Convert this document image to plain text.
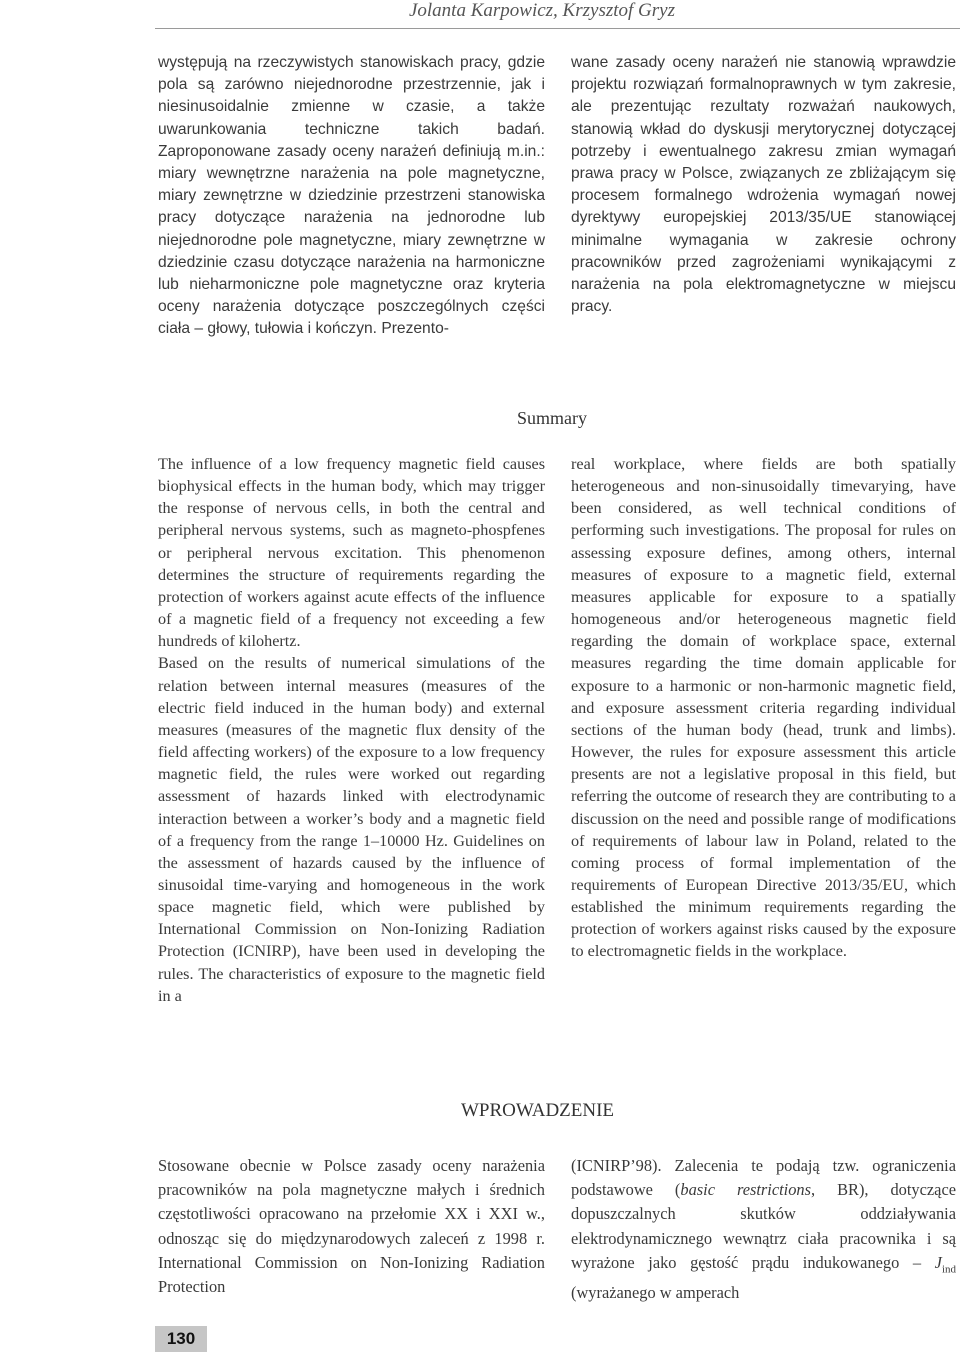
Jolanta Karpowicz, Krzysztof Gryz

występują na rzeczywistych stanowiskach pracy, gdzie pola są zarówno niejednorodne przestrzennie, jak i niesinusoidalnie zmienne w czasie, a także uwarunkowania techniczne takich badań. Zaproponowane zasady oceny narażeń definiują m.in.: miary wewnętrzne narażenia na pole magnetyczne, miary zewnętrzne w dziedzinie przestrzeni stanowiska pracy dotyczące narażenia na jednorodne lub niejednorodne pole magnetyczne, miary zewnętrzne w dziedzinie czasu dotyczące narażenia na harmoniczne lub nieharmoniczne pole magnetyczne oraz kryteria oceny narażenia dotyczące poszczególnych części ciała – głowy, tułowia i kończyn. Prezento-

wane zasady oceny narażeń nie stanowią wprawdzie projektu rozwiązań formalnoprawnych w tym zakresie, ale prezentując rezultaty rozważań naukowych, stanowią wkład do dyskusji merytorycznej dotyczącej potrzeby i ewentualnego zakresu zmian wymagań prawa pracy w Polsce, związanych ze zbliżającym się procesem formalnego wdrożenia wymagań nowej dyrektywy europejskiej 2013/35/UE stanowiącej minimalne wymagania w zakresie ochrony pracowników przed zagrożeniami wynikającymi z narażenia na pola elektromagnetyczne w miejscu pracy.

Summary

The influence of a low frequency magnetic field causes biophysical effects in the human body, which may trigger the response of nervous cells, in both the central and peripheral nervous systems, such as magneto-phospfenes or peripheral nervous excitation. This phenomenon determines the structure of requirements regarding the protection of workers against acute effects of the influence of a magnetic field of a frequency not exceeding a few hundreds of kilohertz.

Based on the results of numerical simulations of the relation between internal measures (measures of the electric field induced in the human body) and external measures (measures of the magnetic flux density of the field affecting workers) of the exposure to a low frequency magnetic field, the rules were worked out regarding assessment of hazards linked with electrodynamic interaction between a worker’s body and a magnetic field of a frequency from the range 1–10000 Hz. Guidelines on the assessment of hazards caused by the influence of sinusoidal time-varying and homogeneous in the work space magnetic field, which were published by International Commission on Non-Ionizing Radiation Protection (ICNIRP), have been used in developing the rules. The characteristics of exposure to the magnetic field in a

real workplace, where fields are both spatially heterogeneous and non-sinusoidally timevarying, have been considered, as well technical conditions of performing such investigations. The proposal for rules on assessing exposure defines, among others, internal measures of exposure to a magnetic field, external measures applicable for exposure to a spatially homogeneous and/or heterogeneous magnetic field regarding the domain of workplace space, external measures regarding the time domain applicable for exposure to a harmonic or non-harmonic magnetic field, and exposure assessment criteria regarding individual sections of the human body (head, trunk and limbs). However, the rules for exposure assessment this article presents are not a legislative proposal in this field, but referring the outcome of research they are contributing to a discussion on the need and possible range of modifications of requirements of labour law in Poland, related to the coming process of formal implementation of the requirements of European Directive 2013/35/EU, which established the minimum requirements regarding the protection of workers against risks caused by the exposure to electromagnetic fields in the workplace.

WPROWADZENIE

Stosowane obecnie w Polsce zasady oceny narażenia pracowników na pola magnetyczne małych i średnich częstotliwości opracowano na przełomie XX i XXI w., odnosząc się do międzynarodowych zaleceń z 1998 r. International Commission on Non-Ionizing Radiation Protection

(ICNIRP’98). Zalecenia te podają tzw. ograniczenia podstawowe (basic restrictions, BR), dotyczące dopuszczalnych skutków oddziaływania elektrodynamicznego wewnątrz ciała pracownika i są wyrażone jako gęstość prądu indukowanego – $J_{ind}$ (wyrażanego w amperach

130
